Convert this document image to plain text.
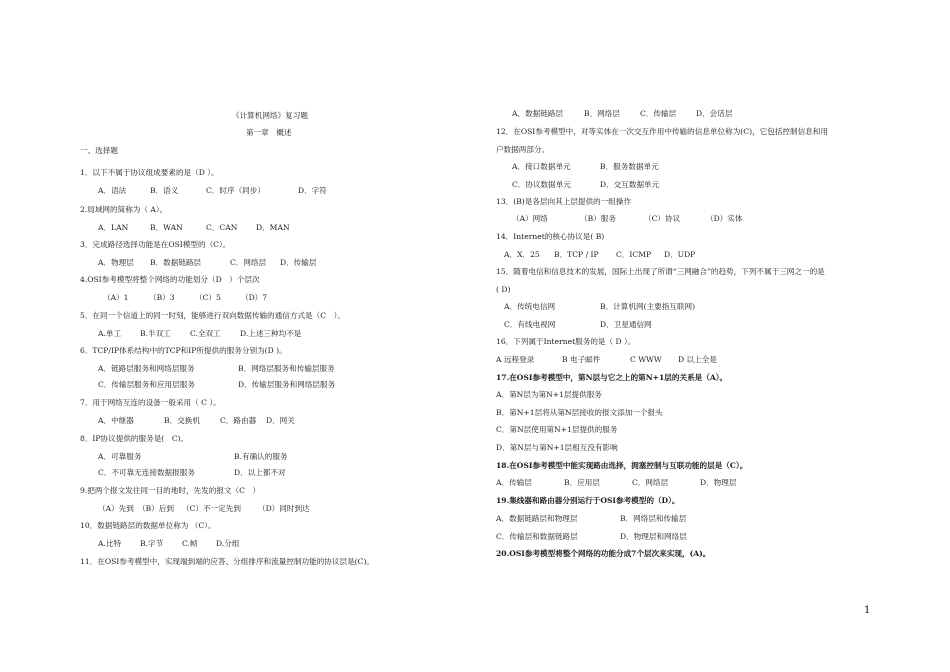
《计算机网络》复习题
第一章　概述
一、选择题
1．以下不属于协议组成要素的是（D ）。
A．语法	B．语义	C．时序（同步）	D．字符
2.局域网的简称为（ A）。
A．LAN	B．WAN	C．CAN D．MAN
3．完成路径选择功能是在OSI模型的（C）。
A．物理层 B．数据链路层	C．网络层 D．传输层
4.OSI参考模型将整个网络的功能划分（D　）个层次
（A）1	（B）3	（C）5	（D）7
5．在同一个信道上的同一时刻，能够进行双向数据传输的通信方式是（C　）。
A.单工 B.半双工	C.全双工	D.上述三种均不是
6．TCP/IP体系结构中的TCP和IP所提供的服务分别为(D )。
A．链路层服务和网络层服务	B．网络层服务和传输层服务
C．传输层服务和应用层服务	D．传输层服务和网络层服务
7．用于网络互连的设备一般采用（ C ）。
A．中继器	B．交换机	C．路由器 D．网关
8．IP协议提供的服务是(　C)。
A．可靠服务	B.有确认的服务
C．不可靠无连接数据报服务	D．以上都不对
9.把两个报文发往同一目的地时，先发的报文（C　）
（A）先到 （B）后到 （C）不一定先到 （D）同时到达
10．数据链路层的数据单位称为 （C）。
A.比特 B.字节 C.帧 D.分组
11．在OSI参考模型中，实现端到端的应答、分组排序和流量控制功能的协议层是(C)。
A．数据链路层	B．网络层	C．传输层	D．会话层
12．在OSI参考模型中，对等实体在一次交互作用中传输的信息单位称为(C)，它包括控制信息和用
户数据两部分。
A．接口数据单元	B．服务数据单元
C．协议数据单元	D．交互数据单元
13．(B)是各层向其上层提供的一组操作
（A）网络	（B）服务	（C）协议	（D）实体
14．Internet的核心协议是( B)
A．X．25 B．TCP / IP C．ICMP D．UDP
15．随着电信和信息技术的发展，国际上出现了所谓“三网融合”的趋势，下列不属于三网之一的是
( D)
A．传统电信网	B．计算机网(主要指互联网)
C．有线电视网	D．卫星通信网
16．下列属于Internet服务的是（ D ）。
A 远程登录	B 电子邮件	C WWW D 以上全是
17.在OSI参考模型中，第N层与它之上的第N+1层的关系是（A）。
A．第N层为第N+1层提供服务
B．第N+1层将从第N层接收的报文添加一个报头
C．第N层使用第N+1层提供的服务
D．第N层与第N+1层相互没有影响
18.在OSI参考模型中能实现路由选择，拥塞控制与互联功能的层是（C）。
A．传输层	B．应用层	C．网络层	D．物理层
19.集线器和路由器分别运行于OSI参考模型的（D）。
A．数据链路层和物理层	B．网络层和传输层
C．传输层和数据链路层	D．物理层和网络层
20.OSI参考模型将整个网络的功能分成7个层次来实现，(A)。
1
